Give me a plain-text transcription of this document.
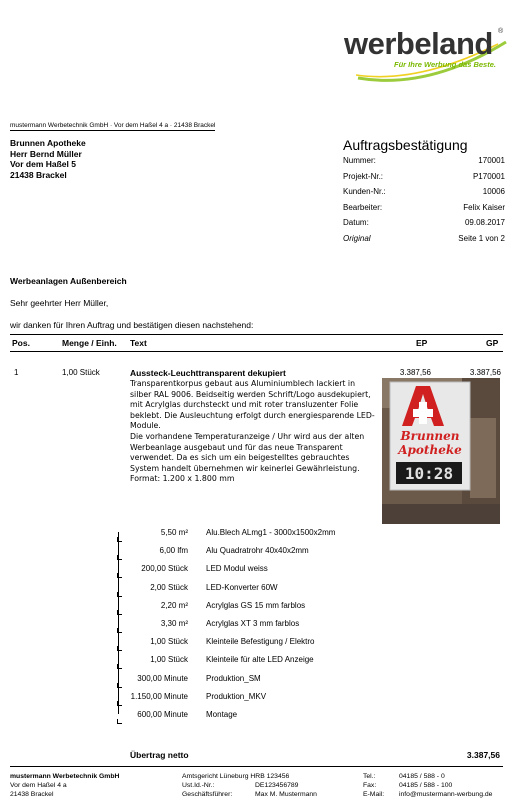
werbeland ®
Für Ihre Werbung das Beste.
mustermann Werbetechnik GmbH · Vor dem Haßel 4 a · 21438 Brackel
Brunnen Apotheke
Herr Bernd Müller
Vor dem Haßel 5
21438 Brackel
Auftragsbestätigung
Nummer:	170001
Projekt-Nr.:	P170001
Kunden-Nr.:	10006
Bearbeiter:	Felix Kaiser
Datum:	09.08.2017
Original	Seite 1 von 2
Werbeanlagen Außenbereich
Sehr geehrter Herr Müller,
wir danken für Ihren Auftrag und bestätigen diesen nachstehend:
Pos.	Menge / Einh. Text	EP	GP
1	1,00 Stück	Aussteck-Leuchttransparent dekupiert
Transparentkorpus gebaut aus Aluminiumblech lackiert in
silber RAL 9006. Beidseitig werden Schrift/Logo ausdekupiert,
mit Acrylglas durchsteckt und mit roter transluzenter Folie
beklebt. Die Ausleuchtung erfolgt durch energiesparende LED-
Module.
Die vorhandene Temperaturanzeige / Uhr wird aus der alten
Werbeanlage ausgebaut und für das neue Transparent
verwendet. Da es sich um ein beigestelltes gebrauchtes
System handelt übernehmen wir keinerlei Gewährleistung.
Format: 1.200 x 1.800 mm
3.387,56	3.387,56
Brunnen
Apotheke
10:28
5,50 m² Alu.Blech ALmg1 - 3000x1500x2mm
6,00 lfm Alu Quadratrohr 40x40x2mm
200,00 Stück LED Modul weiss
2,00 Stück LED-Konverter 60W
2,20 m² Acrylglas GS 15 mm farblos
3,30 m² Acrylglas XT 3 mm farblos
1,00 Stück Kleinteile Befestigung / Elektro
1,00 Stück Kleinteile für alte LED Anzeige
300,00 Minute Produktion_SM
1.150,00 Minute Produktion_MKV
600,00 Minute Montage
Übertrag netto	3.387,56
mustermann Werbetechnik GmbH
Vor dem Haßel 4 a
21438 Brackel
Amtsgericht Lüneburg HRB 123456
Ust.Id.-Nr.:	DE123456789
Geschäftsführer:	Max M. Mustermann
Tel.:	04185 / 588 - 0
Fax:	04185 / 588 - 100
E-Mail: info@mustermann-werbung.de
